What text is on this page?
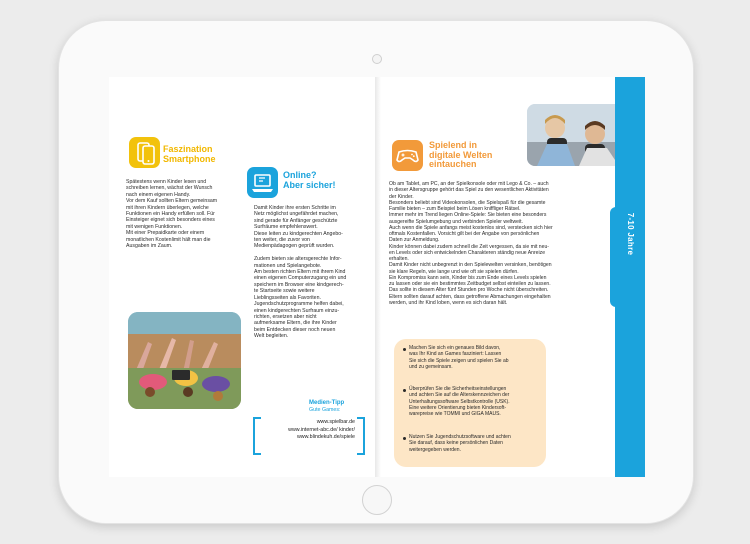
Faszination
Smartphone
Spätestens wenn Kinder lesen und
schreiben lernen, wächst der Wunsch
nach einem eigenen Handy.
Vor dem Kauf sollten Eltern gemeinsam
mit ihren Kindern überlegen, welche
Funktionen ein Handy erfüllen soll. Für
Einsteiger eignet sich besonders eines
mit wenigen Funktionen.
Mit einer Prepaidkarte oder einem
monatlichen Kostenlimit hält man die
Ausgaben im Zaum.
Online?
Aber sicher!
Damit Kinder ihre ersten Schritte im
Netz möglichst ungefährdet machen,
sind gerade für Anfänger geschützte
Surfräume empfehlenswert.
Diese leiten zu kindgerechten Angebo-
ten weiter, die zuvor von
Medienpädagogen geprüft wurden.

Zudem bieten sie altersgerechte Infor-
mationen und Spielangebote.
Am besten richten Eltern mit ihrem Kind
einen eigenen Computerzugang ein und
speichern im Browser eine kindgerech-
te Startseite sowie weitere
Lieblingsseiten als Favoriten.
Jugendschutzprogramme helfen dabei,
einen kindgerechten Surfraum einzu-
richten, ersetzen aber nicht
aufmerksame Eltern, die ihre Kinder
beim Entdecken dieser noch neuen
Welt begleiten.
Medien-Tipp
Gute Games:
www.spielbar.de
www.internet-abc.de/ kinder/
www.blindekuh.de/spiele
Spielend in
digitale Welten
eintauchen
Ob am Tablet, am PC, an der Spielkonsole oder mit Lego & Co. – auch
in dieser Altersgruppe gehört das Spiel zu den wesentlichen Aktivitäten
der Kinder.
Besonders beliebt sind Videokonsolen, die Spielspaß für die gesamte
Familie bieten – zum Beispiel beim Lösen kniffliger Rätsel.
Immer mehr im Trend liegen Online-Spiele: Sie bieten eine besonders
ausgereifte Spielumgebung und verbinden Spieler weltweit.
Auch wenn die Spiele anfangs meist kostenlos sind, verstecken sich hier
oftmals Kostenfallen. Vorsicht gilt bei der Angabe von persönlichen
Daten zur Anmeldung.
Kinder können dabei zudem schnell die Zeit vergessen, da sie mit neu-
en Levels oder sich entwickelnden Charakteren ständig neue Anreize
erhalten.
Damit Kinder nicht unbegrenzt in den Spielewelten versinken, benötigen
sie klare Regeln, wie lange und wie oft sie spielen dürfen.
Ein Kompromiss kann sein, Kinder bis zum Ende eines Levels spielen
zu lassen oder sie ein bestimmtes Zeitbudget selbst einteilen zu lassen.
Das sollte in diesem Alter fünf Stunden pro Woche nicht überschreiten.
Eltern sollten darauf achten, dass getroffene Abmachungen eingehalten
werden, und ihr Kind loben, wenn es sich daran hält.
7-10 Jahre
Machen Sie sich ein genaues Bild davon,
was Ihr Kind an Games fasziniert: Lassen
Sie sich die Spiele zeigen und spielen Sie ab
und zu gemeinsam.
Überprüfen Sie die Sicherheitseinstellungen
und achten Sie auf die Alterskennzeichen der
Unterhaltungssoftware Selbstkontrolle (USK).
Eine weitere Orientierung bieten Kindersoft-
warepreise wie TOMMI und GIGA MAUS.
Nutzen Sie Jugendschutzsoftware und achten
Sie darauf, dass keine persönlichen Daten
weitergegeben werden.
